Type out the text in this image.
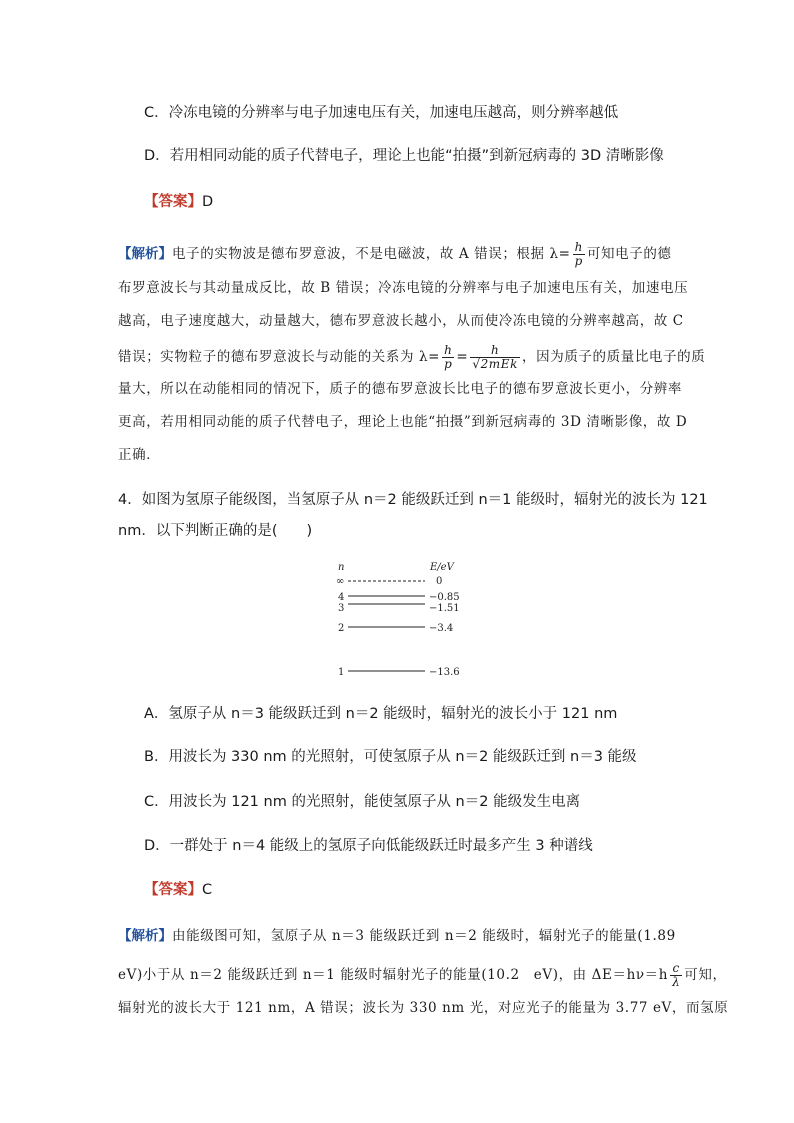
C．冷冻电镜的分辨率与电子加速电压有关，加速电压越高，则分辨率越低
D．若用相同动能的质子代替电子，理论上也能“拍摄”到新冠病毒的 3D 清晰影像
【答案】D
【解析】电子的实物波是德布罗意波，不是电磁波，故 A 错误；根据 $\lambda= \frac{h}{p}$ 可知电子的德
布罗意波长与其动量成反比，故 B 错误；冷冻电镜的分辨率与电子加速电压有关，加速电压
越高，电子速度越大，动量越大，德布罗意波长越小，从而使冷冻电镜的分辨率越高，故 C
错误；实物粒子的德布罗意波长与动能的关系为 $\lambda= \frac{h}{p} = \frac{h}{\text{√2mEk}}$ ，因为质子的质量比电子的质
量大，所以在动能相同的情况下，质子的德布罗意波长比电子的德布罗意波长更小，分辨率
更高，若用相同动能的质子代替电子，理论上也能“拍摄”到新冠病毒的 3D 清晰影像，故 D
正确．
4．如图为氢原子能级图，当氢原子从 n＝2 能级跃迁到 n＝1 能级时，辐射光的波长为 121
nm．以下判断正确的是(　　)
n	E/eV
∞	0
4	−0.85
3	−1.51
2	−3.4
1	−13.6
A．氢原子从 n＝3 能级跃迁到 n＝2 能级时，辐射光的波长小于 121 nm
B．用波长为 330 nm 的光照射，可使氢原子从 n＝2 能级跃迁到 n＝3 能级
C．用波长为 121 nm 的光照射，能使氢原子从 n＝2 能级发生电离
D．一群处于 n＝4 能级上的氢原子向低能级跃迁时最多产生 3 种谱线
【答案】C
【解析】由能级图可知，氢原子从 n＝3 能级跃迁到 n＝2 能级时，辐射光子的能量(1.89
eV)小于从 n＝2 能级跃迁到 n＝1 能级时辐射光子的能量(10.2　eV)，由 $\Delta E=h\nu=h \frac{c}{\lambda}$ 可知，
辐射光的波长大于 121 nm，A 错误；波长为 330 nm 光，对应光子的能量为 3.77 eV，而氢原
